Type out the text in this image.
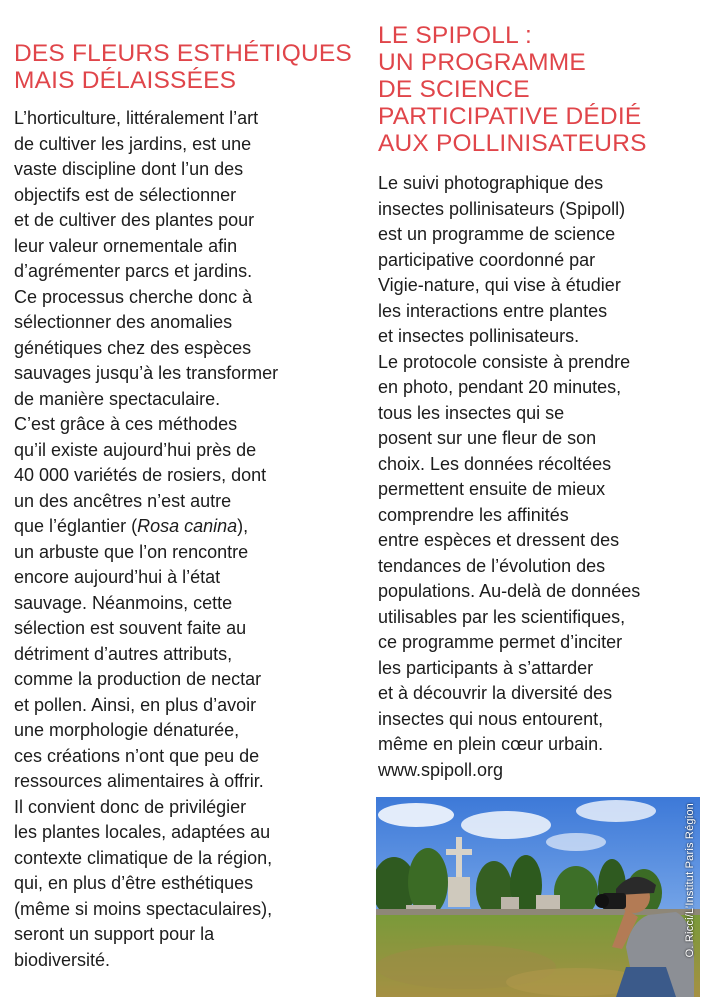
DES FLEURS ESTHÉTIQUES
MAIS DÉLAISSÉES
L’horticulture, littéralement l’art
de cultiver les jardins, est une
vaste discipline dont l’un des
objectifs est de sélectionner
et de cultiver des plantes pour
leur valeur ornementale afin
d’agrémenter parcs et jardins.
Ce processus cherche donc à
sélectionner des anomalies
génétiques chez des espèces
sauvages jusqu’à les transformer
de manière spectaculaire.
C’est grâce à ces méthodes
qu’il existe aujourd’hui près de
40 000 variétés de rosiers, dont
un des ancêtres n’est autre
que l’églantier (Rosa canina),
un arbuste que l’on rencontre
encore aujourd’hui à l’état
sauvage. Néanmoins, cette
sélection est souvent faite au
détriment d’autres attributs,
comme la production de nectar
et pollen. Ainsi, en plus d’avoir
une morphologie dénaturée,
ces créations n’ont que peu de
ressources alimentaires à offrir.
Il convient donc de privilégier
les plantes locales, adaptées au
contexte climatique de la région,
qui, en plus d’être esthétiques
(même si moins spectaculaires),
seront un support pour la
biodiversité.
LE SPIPOLL :
UN PROGRAMME
DE SCIENCE
PARTICIPATIVE DÉDIÉ
AUX POLLINISATEURS
Le suivi photographique des
insectes pollinisateurs (Spipoll)
est un programme de science
participative coordonné par
Vigie-nature, qui vise à étudier
les interactions entre plantes
et insectes pollinisateurs.
Le protocole consiste à prendre
en photo, pendant 20 minutes,
tous les insectes qui se
posent sur une fleur de son
choix. Les données récoltées
permettent ensuite de mieux
comprendre les affinités
entre espèces et dressent des
tendances de l’évolution des
populations. Au-delà de données
utilisables par les scientifiques,
ce programme permet d’inciter
les participants à s’attarder
et à découvrir la diversité des
insectes qui nous entourent,
même en plein cœur urbain.
www.spipoll.org
O. Ricci/L’Institut Paris Région
